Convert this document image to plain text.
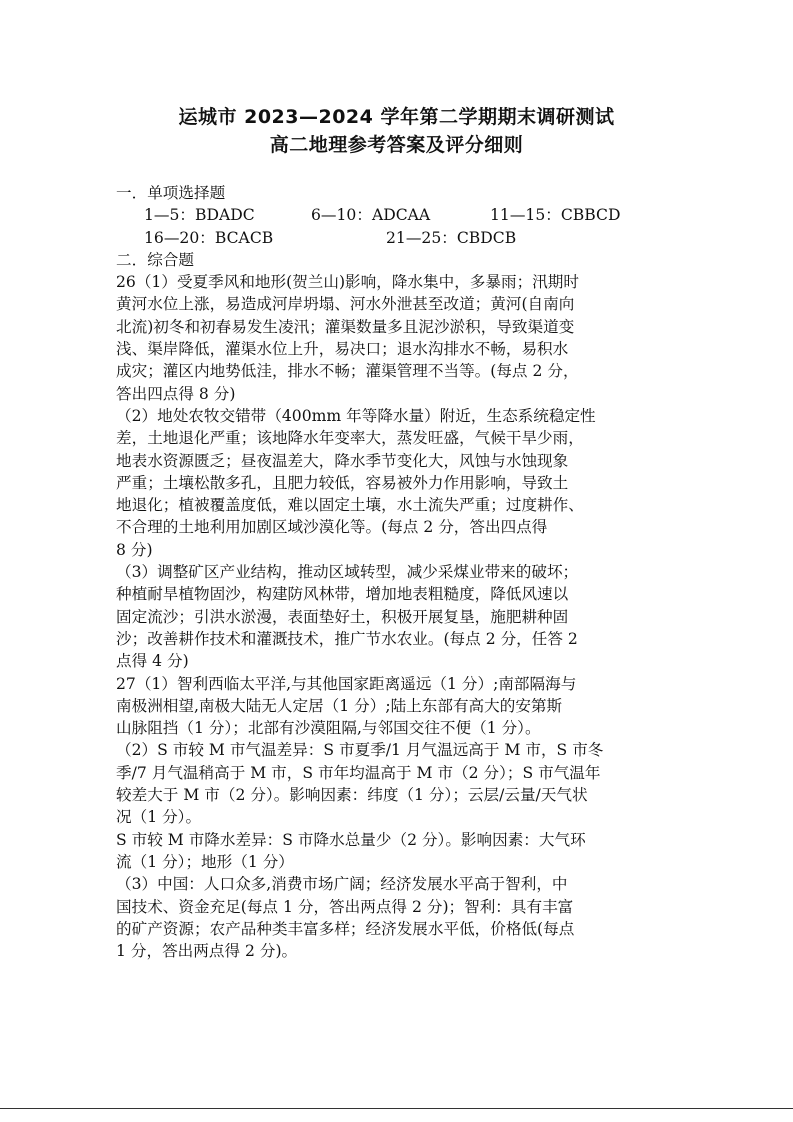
运城市 2023—2024 学年第二学期期末调研测试
高二地理参考答案及评分细则
一．单项选择题
1—5：BDADC	6—10：ADCAA	11—15：CBBCD
16—20：BCACB	21—25：CBDCB
二．综合题
26（1）受夏季风和地形(贺兰山)影响，降水集中，多暴雨；汛期时
黄河水位上涨，易造成河岸坍塌、河水外泄甚至改道；黄河(自南向
北流)初冬和初春易发生凌汛；灌渠数量多且泥沙淤积，导致渠道变
浅、渠岸降低，灌渠水位上升，易决口；退水沟排水不畅，易积水
成灾；灌区内地势低洼，排水不畅；灌渠管理不当等。(每点 2 分，
答出四点得 8 分)
（2）地处农牧交错带（400mm 年等降水量）附近，生态系统稳定性
差，土地退化严重；该地降水年变率大，蒸发旺盛，气候干旱少雨，
地表水资源匮乏；昼夜温差大，降水季节变化大，风蚀与水蚀现象
严重；土壤松散多孔，且肥力较低，容易被外力作用影响，导致土
地退化；植被覆盖度低，难以固定土壤，水土流失严重；过度耕作、
不合理的土地利用加剧区域沙漠化等。(每点 2 分，答出四点得
8 分)
（3）调整矿区产业结构，推动区域转型，减少采煤业带来的破坏；
种植耐旱植物固沙，构建防风林带，增加地表粗糙度，降低风速以
固定流沙；引洪水淤漫，表面垫好土，积极开展复垦，施肥耕种固
沙；改善耕作技术和灌溉技术，推广节水农业。(每点 2 分，任答 2
点得 4 分)
27（1）智利西临太平洋,与其他国家距离遥远（1 分）;南部隔海与
南极洲相望,南极大陆无人定居（1 分）;陆上东部有高大的安第斯
山脉阻挡（1 分）；北部有沙漠阻隔,与邻国交往不便（1 分）。
（2）S 市较 M 市气温差异：S 市夏季/1 月气温远高于 M 市，S 市冬
季/7 月气温稍高于 M 市，S 市年均温高于 M 市（2 分）；S 市气温年
较差大于 M 市（2 分）。影响因素：纬度（1 分）；云层/云量/天气状
况（1 分）。
S 市较 M 市降水差异：S 市降水总量少（2 分）。影响因素：大气环
流（1 分）；地形（1 分）
（3）中国：人口众多,消费市场广阔；经济发展水平高于智利，中
国技术、资金充足(每点 1 分，答出两点得 2 分)；智利：具有丰富
的矿产资源；农产品种类丰富多样；经济发展水平低，价格低(每点
1 分，答出两点得 2 分)。
